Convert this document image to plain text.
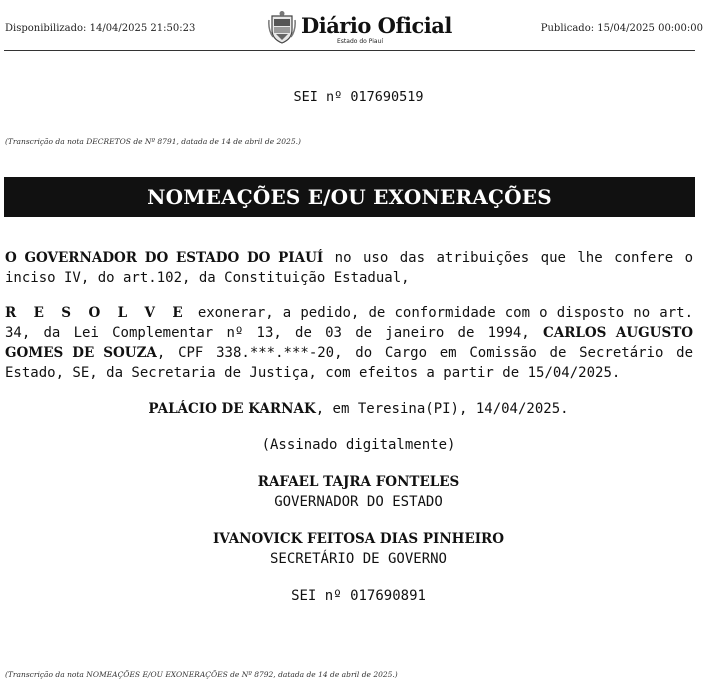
Disponibilizado: 14/04/2025 21:50:23	Diário Oficial
Estado do Piauí
Publicado: 15/04/2025 00:00:00
SEI nº 017690519
(Transcrição da nota DECRETOS de Nº 8791, datada de 14 de abril de 2025.)
NOMEAÇÕES E/OU EXONERAÇÕES
O GOVERNADOR DO ESTADO DO PIAUÍ no uso das atribuições que lhe confere o inciso IV, do art.102, da Constituição Estadual,
R E S O L V E exonerar, a pedido, de conformidade com o disposto no art. 34, da Lei Complementar nº 13, de 03 de janeiro de 1994, CARLOS AUGUSTO GOMES DE SOUZA, CPF 338.***.***-20, do Cargo em Comissão de Secretário de Estado, SE, da Secretaria de Justiça, com efeitos a partir de 15/04/2025.
PALÁCIO DE KARNAK, em Teresina(PI), 14/04/2025.
(Assinado digitalmente)
RAFAEL TAJRA FONTELES
GOVERNADOR DO ESTADO
IVANOVICK FEITOSA DIAS PINHEIRO
SECRETÁRIO DE GOVERNO
SEI nº 017690891
(Transcrição da nota NOMEAÇÕES E/OU EXONERAÇÕES de Nº 8792, datada de 14 de abril de 2025.)
